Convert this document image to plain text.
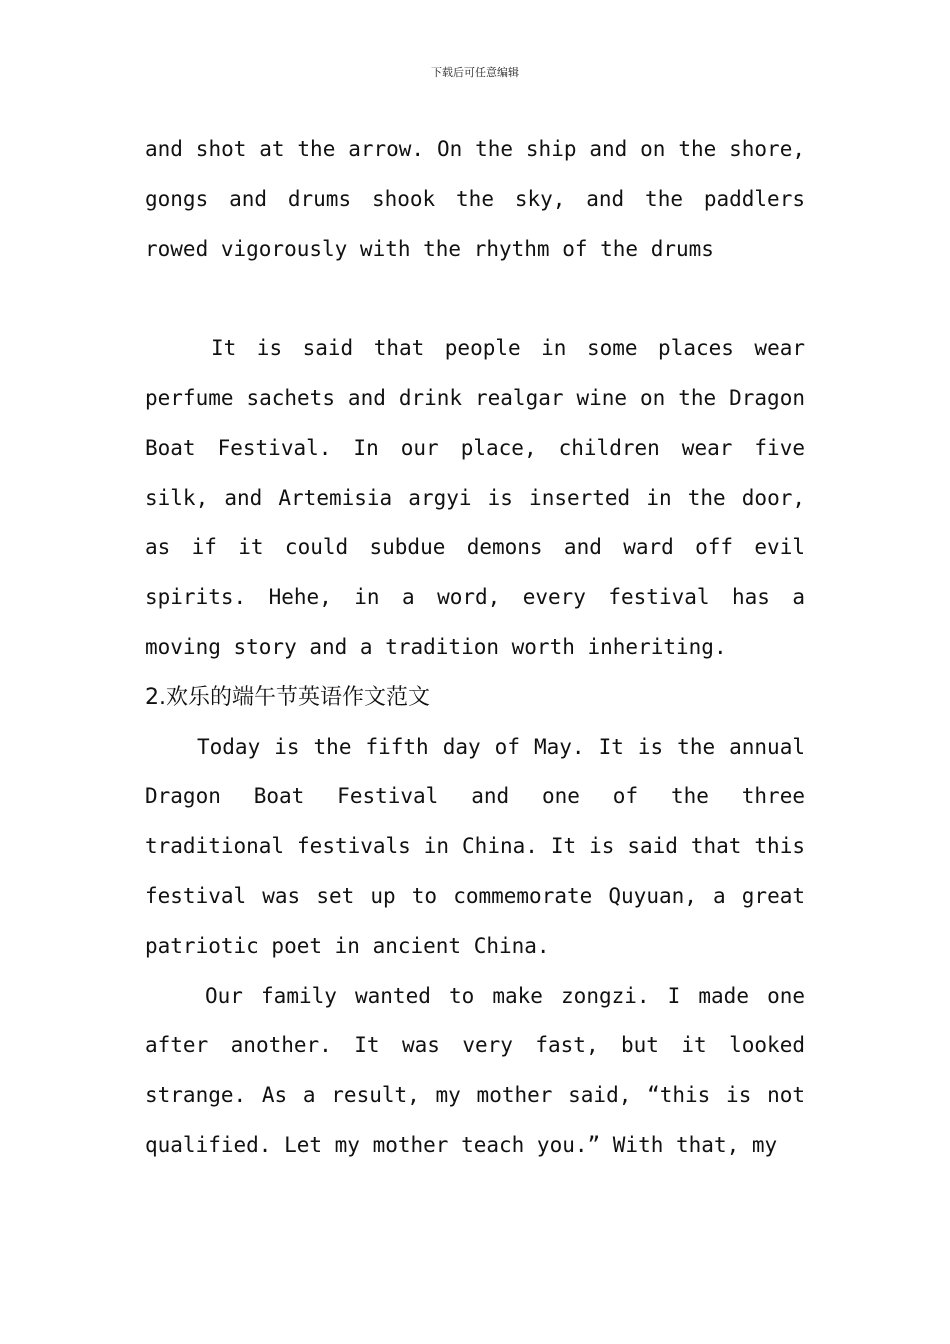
下载后可任意编辑

and shot at the arrow. On the ship and on the shore, gongs and drums shook the sky, and the paddlers rowed vigorously with the rhythm of the drums

It is said that people in some places wear perfume sachets and drink realgar wine on the Dragon Boat Festival. In our place, children wear five silk, and Artemisia argyi is inserted in the door, as if it could subdue demons and ward off evil spirits. Hehe, in a word, every festival has a moving story and a tradition worth inheriting.

2.欢乐的端午节英语作文范文

Today is the fifth day of May. It is the annual Dragon Boat Festival and one of the three traditional festivals in China. It is said that this festival was set up to commemorate Quyuan, a great patriotic poet in ancient China.

Our family wanted to make zongzi. I made one after another. It was very fast, but it looked strange. As a result, my mother said, “this is not qualified. Let my mother teach you.” With that, my
